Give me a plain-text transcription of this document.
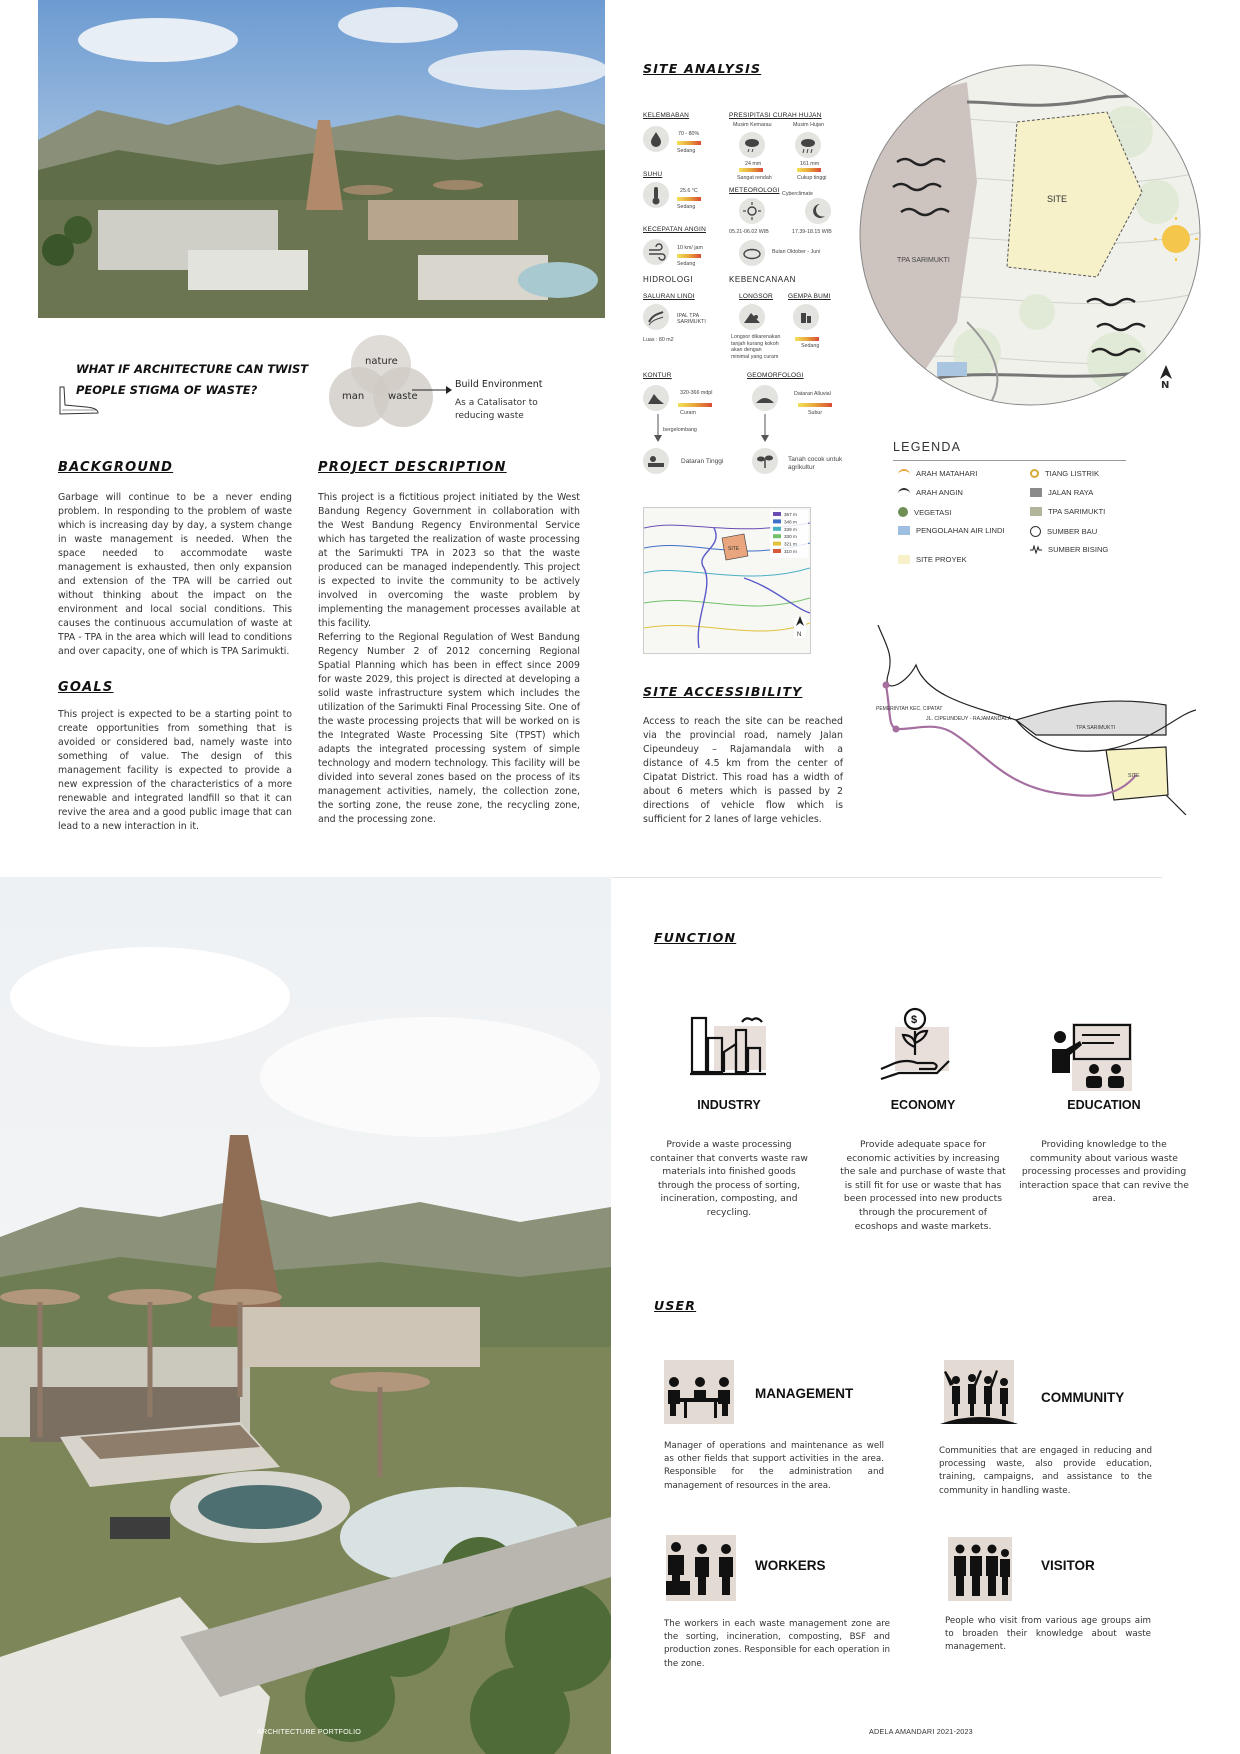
WHAT IF ARCHITECTURE CAN TWIST
PEOPLE STIGMA OF WASTE?
nature
man waste
Build Environment
As a Catalisator to reducing waste
BACKGROUND
Garbage will continue to be a never ending problem. In responding to the problem of waste which is increasing day by day, a system change in waste management is needed. When the space needed to accommodate waste management is exhausted, then only expansion and extension of the TPA will be carried out without thinking about the impact on the environment and local social conditions. This causes the continuous accumulation of waste at TPA - TPA in the area which will lead to conditions and over capacity, one of which is TPA Sarimukti.
GOALS
This project is expected to be a starting point to create opportunities from something that is avoided or considered bad, namely waste into something of value. The design of this management facility is expected to provide a new expression of the characteristics of a more renewable and integrated landfill so that it can revive the area and a good public image that can lead to a new interaction in it.
PROJECT DESCRIPTION
This project is a fictitious project initiated by the West Bandung Regency Government in collaboration with the West Bandung Regency Environmental Service which has targeted the realization of waste processing at the Sarimukti TPA in 2023 so that the waste produced can be managed independently. This project is expected to invite the community to be actively involved in overcoming the waste problem by implementing the management processes available at this facility.
Referring to the Regional Regulation of West Bandung Regency Number 2 of 2012 concerning Regional Spatial Planning which has been in effect since 2009 for waste 2029, this project is directed at developing a solid waste infrastructure system which includes the utilization of the Sarimukti Final Processing Site. One of the waste processing projects that will be worked on is the Integrated Waste Processing Site (TPST) which adapts the integrated processing system of simple technology and modern technology. This facility will be divided into several zones based on the process of its management activities, namely, the collection zone, the sorting zone, the reuse zone, the recycling zone, and the processing zone.
SITE ANALYSIS
KELEMBABAN
70 - 80%
Sedang
PRESIPITASI CURAH HUJAN
Musim Kemarau	Musim Hujan
24 mm	161 mm
Sangat rendah	Cukup tinggi
SUHU
25.6 °C
Sedang
METEOROLOGI Cyberclimate
05.21-06.02 WIB	17.39-18.15 WIB
KECEPATAN ANGIN
10 km/ jam
Sedang
Bulan Oktober - Juni
HIDROLOGI
SALURAN LINDI
IPAL TPA SARIMUKTI
Luas : 80 m2
KEBENCANAAN
LONGSOR
Longsor dikarenakan tanjah kurang kokoh akan dengan minimal yang curam
GEMPA BUMI
Sedang
KONTUR
320-366 mdpl
Curam
bergelombang
Dataran Tinggi
GEOMORFOLOGI
Dataran Alluvial
Subur
Tanah cocok untuk agrikultur
SITE
TPA SARIMUKTI
N
LEGENDA
ARAH MATAHARI
ARAH ANGIN
VEGETASI
PENGOLAHAN AIR LINDI
SITE PROYEK
TIANG LISTRIK
JALAN RAYA
TPA SARIMUKTI
SUMBER BAU
SUMBER BISING
SITE
N
367 m
346 m
339 m
330 m
321 m
310 m
SITE ACCESSIBILITY
Access to reach the site can be reached via the provincial road, namely Jalan Cipeundeuy – Rajamandala with a distance of 4.5 km from the center of Cipatat District. This road has a width of about 6 meters which is passed by 2 directions of vehicle flow which is sufficient for 2 lanes of large vehicles.
PEMERINTAH KEC. CIPATAT
JL. CIPEUNDEUY - RAJAMANDALA
TPA SARIMUKTI
SITE
FUNCTION
$
INDUSTRY
Provide a waste processing container that converts waste raw materials into finished goods through the process of sorting, incineration, composting, and recycling.
ECONOMY
Provide adequate space for economic activities by increasing the sale and purchase of waste that is still fit for use or waste that has been processed into new products through the procurement of ecoshops and waste markets.
EDUCATION
Providing knowledge to the community about various waste processing processes and providing interaction space that can revive the area.
USER
MANAGEMENT
Manager of operations and maintenance as well as other fields that support activities in the area. Responsible for the administration and management of resources in the area.
COMMUNITY
Communities that are engaged in reducing and processing waste, also provide education, training, campaigns, and assistance to the community in handling waste.
WORKERS
The workers in each waste management zone are the sorting, incineration, composting, BSF and production zones. Responsible for each operation in the zone.
VISITOR
People who visit from various age groups aim to broaden their knowledge about waste management.
ARCHITECTURE PORTFOLIO	ADELA AMANDARI 2021-2023
